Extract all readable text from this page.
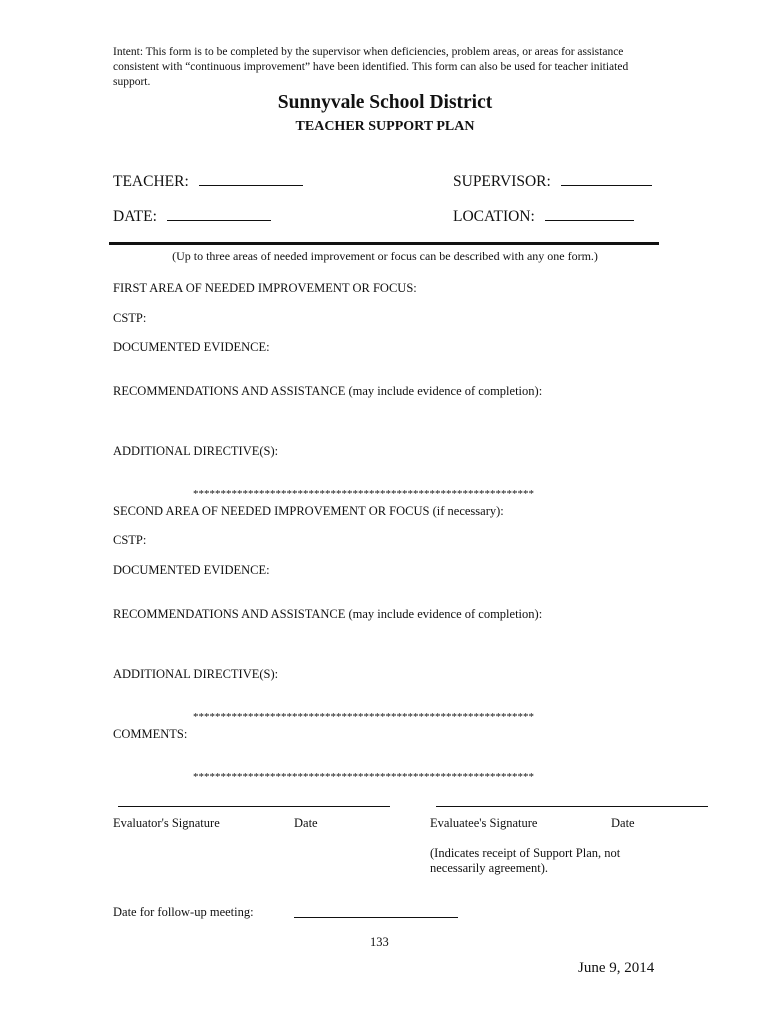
Intent: This form is to be completed by the supervisor when deficiencies, problem areas, or areas for assistance consistent with “continuous improvement” have been identified. This form can also be used for teacher initiated support.
Sunnyvale School District
TEACHER SUPPORT PLAN
TEACHER:	SUPERVISOR:
DATE:	LOCATION:
(Up to three areas of needed improvement or focus can be described with any one form.)
FIRST AREA OF NEEDED IMPROVEMENT OR FOCUS:
CSTP:
DOCUMENTED EVIDENCE:
RECOMMENDATIONS AND ASSISTANCE (may include evidence of completion):
ADDITIONAL DIRECTIVE(S):
**************************************************************
SECOND AREA OF NEEDED IMPROVEMENT OR FOCUS (if necessary):
CSTP:
DOCUMENTED EVIDENCE:
RECOMMENDATIONS AND ASSISTANCE (may include evidence of completion):
ADDITIONAL DIRECTIVE(S):
**************************************************************
COMMENTS:
**************************************************************
Evaluator's Signature	Date	Evaluatee's Signature	Date
(Indicates receipt of Support Plan, not
necessarily agreement).
Date for follow-up meeting:
133
June 9, 2014
